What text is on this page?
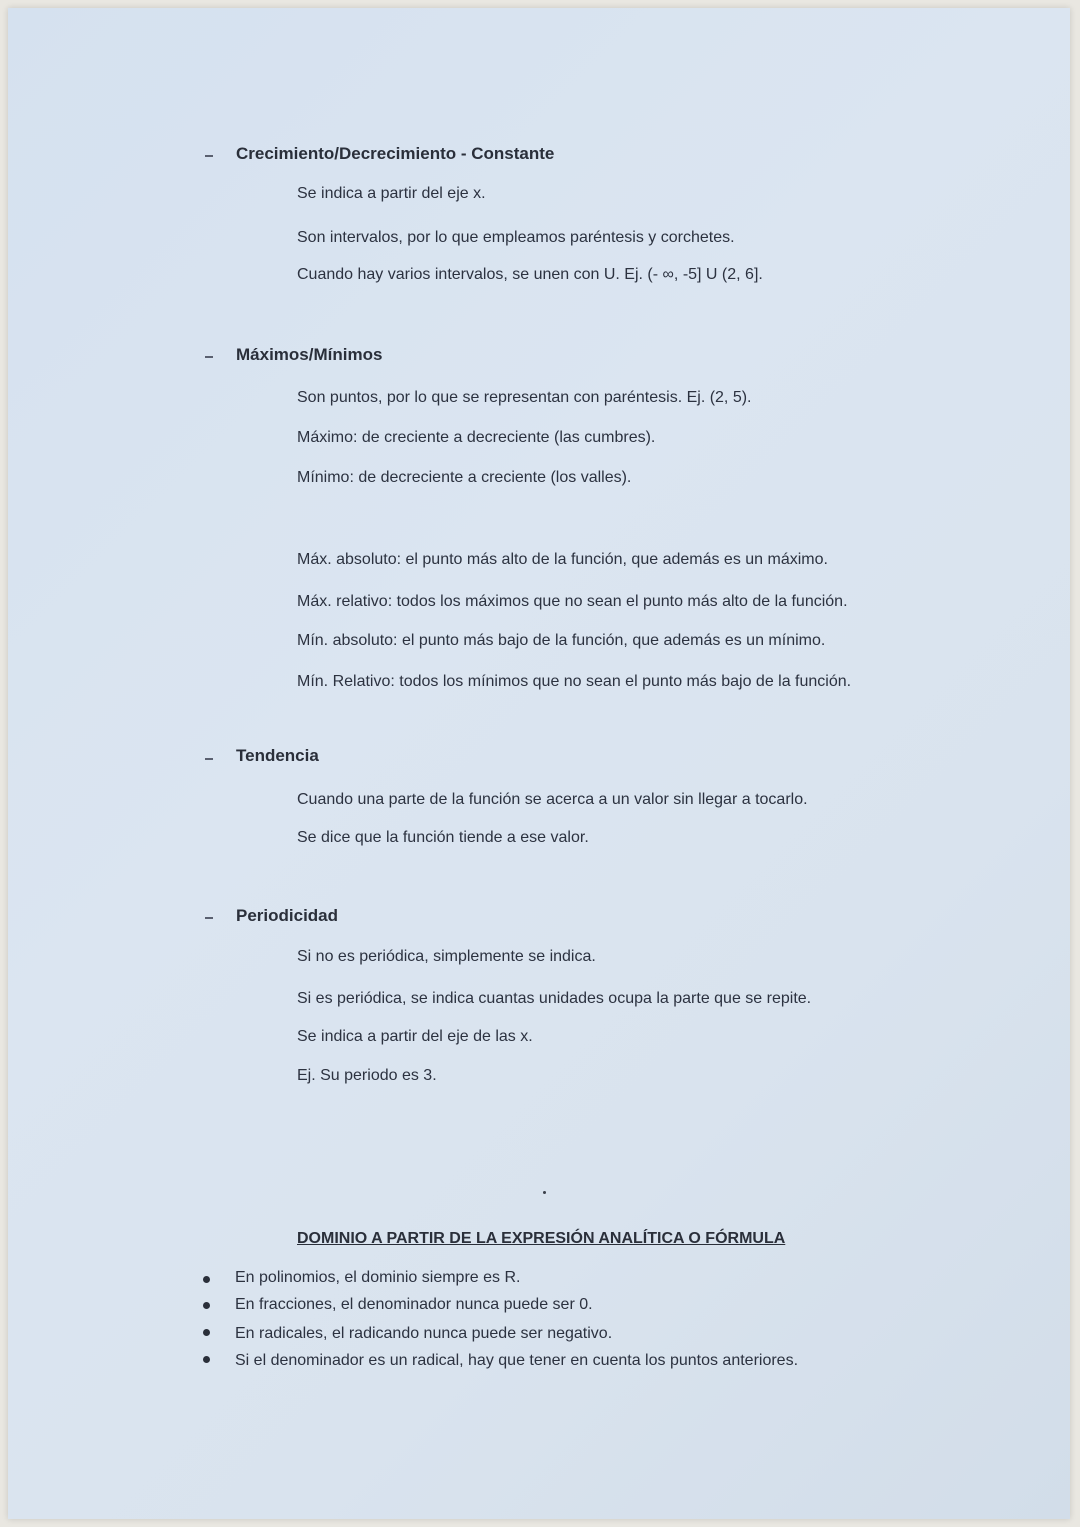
Crecimiento/Decrecimiento - Constante
Se indica a partir del eje x.
Son intervalos, por lo que empleamos paréntesis y corchetes.
Cuando hay varios intervalos, se unen con U. Ej. (- ∞, -5] U (2, 6].
Máximos/Mínimos
Son puntos, por lo que se representan con paréntesis. Ej. (2, 5).
Máximo: de creciente a decreciente (las cumbres).
Mínimo: de decreciente a creciente (los valles).
Máx. absoluto: el punto más alto de la función, que además es un máximo.
Máx. relativo: todos los máximos que no sean el punto más alto de la función.
Mín. absoluto: el punto más bajo de la función, que además es un mínimo.
Mín. Relativo: todos los mínimos que no sean el punto más bajo de la función.
Tendencia
Cuando una parte de la función se acerca a un valor sin llegar a tocarlo.
Se dice que la función tiende a ese valor.
Periodicidad
Si no es periódica, simplemente se indica.
Si es periódica, se indica cuantas unidades ocupa la parte que se repite.
Se indica a partir del eje de las x.
Ej. Su periodo es 3.
DOMINIO A PARTIR DE LA EXPRESIÓN ANALÍTICA O FÓRMULA
En polinomios, el dominio siempre es R.
En fracciones, el denominador nunca puede ser 0.
En radicales, el radicando nunca puede ser negativo.
Si el denominador es un radical, hay que tener en cuenta los puntos anteriores.
